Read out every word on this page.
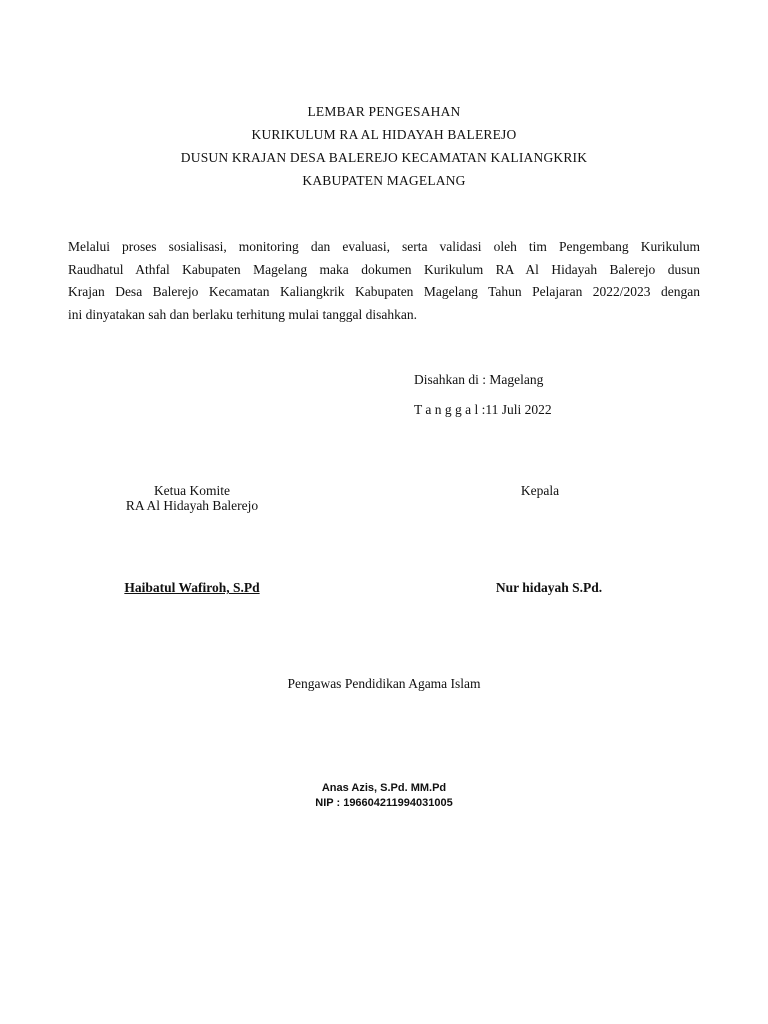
LEMBAR PENGESAHAN
KURIKULUM RA AL HIDAYAH BALEREJO
DUSUN KRAJAN DESA BALEREJO KECAMATAN KALIANGKRIK
KABUPATEN MAGELANG
Melalui proses sosialisasi, monitoring dan evaluasi, serta validasi oleh tim Pengembang Kurikulum
Raudhatul Athfal Kabupaten Magelang maka dokumen Kurikulum RA Al Hidayah Balerejo dusun
Krajan Desa Balerejo Kecamatan Kaliangkrik Kabupaten Magelang Tahun Pelajaran 2022/2023 dengan
ini dinyatakan sah dan berlaku terhitung mulai tanggal disahkan.
Disahkan di : Magelang
T a n g g a l :11 Juli 2022
Ketua Komite
RA Al Hidayah Balerejo
Haibatul Wafiroh, S.Pd
Kepala
Nur hidayah S.Pd.
Pengawas Pendidikan Agama Islam
Anas Azis, S.Pd. MM.Pd
NIP : 196604211994031005
